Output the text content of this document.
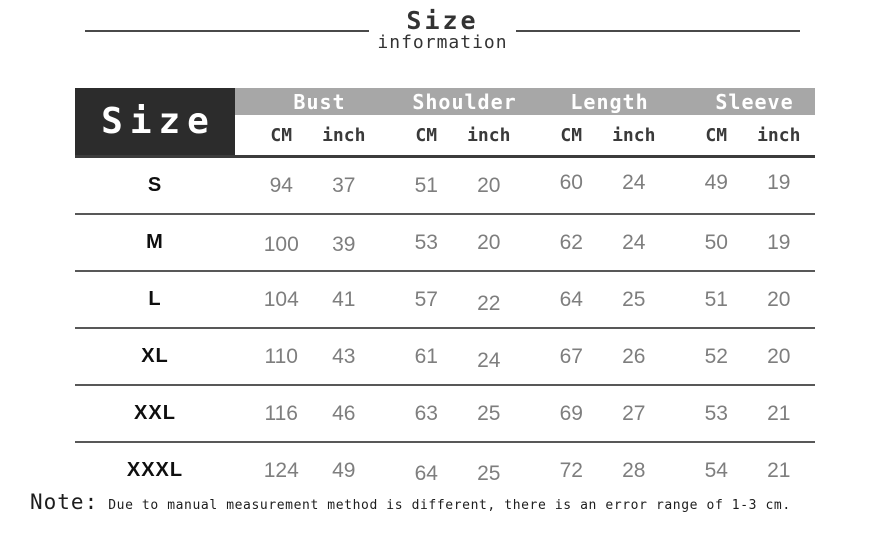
Size
information
Size	Bust	Shoulder	Length	Sleeve
CM	inch	CM	inch	CM	inch	CM	inch
S	94	37	51	20	60	24	49	19
M	100	39	53	20	62	24	50	19
L	104	41	57	22	64	25	51	20
XL	110	43	61	24	67	26	52	20
XXL	116	46	63	25	69	27	53	21
XXXL	124	49	64	25	72	28	54	21
Note: Due to manual measurement method is different, there is an error range of 1-3 cm.
